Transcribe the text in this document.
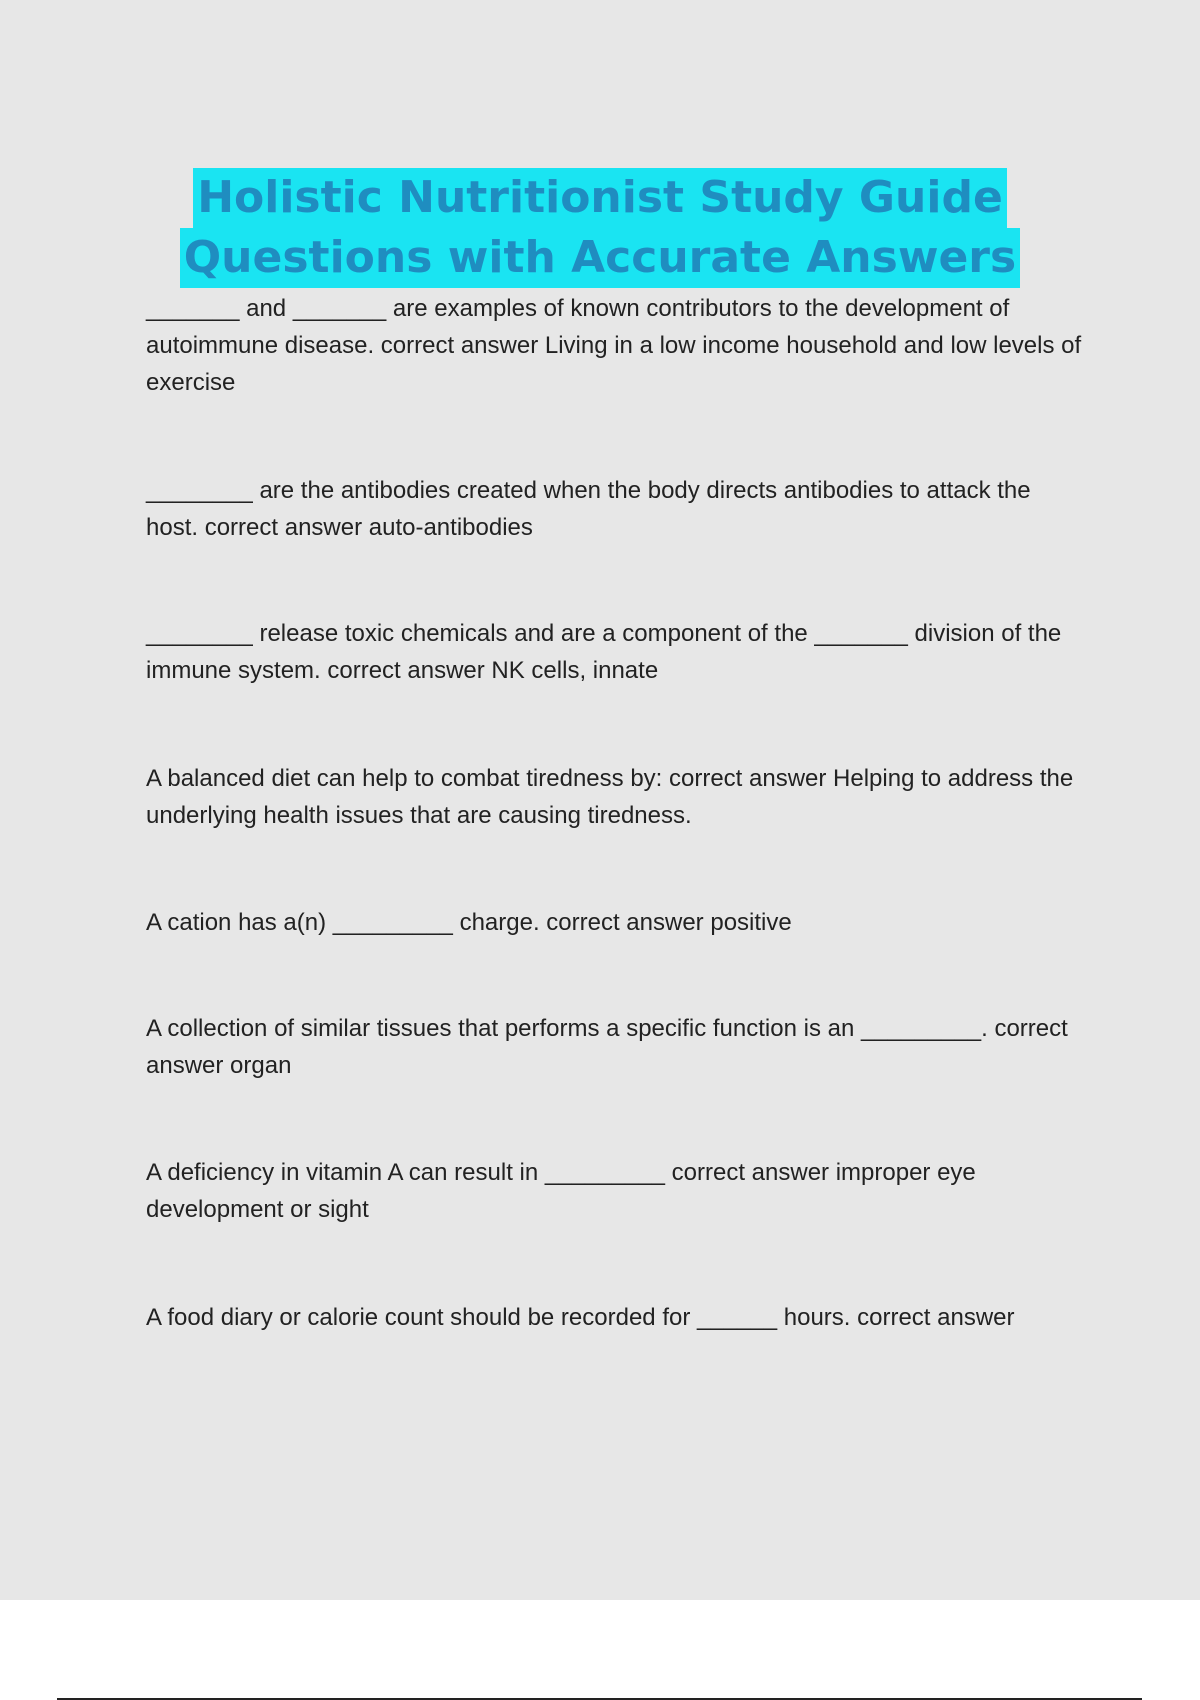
Holistic Nutritionist Study Guide
Questions with Accurate Answers
_______ and _______ are examples of known contributors to the development of autoimmune disease. correct answer Living in a low income household and low levels of exercise
________ are the antibodies created when the body directs antibodies to attack the host. correct answer auto-antibodies
________ release toxic chemicals and are a component of the _______ division of the immune system. correct answer NK cells, innate
A balanced diet can help to combat tiredness by: correct answer Helping to address the underlying health issues that are causing tiredness.
A cation has a(n) _________ charge. correct answer positive
A collection of similar tissues that performs a specific function is an _________. correct answer organ
A deficiency in vitamin A can result in _________ correct answer improper eye development or sight
A food diary or calorie count should be recorded for ______ hours. correct answer
